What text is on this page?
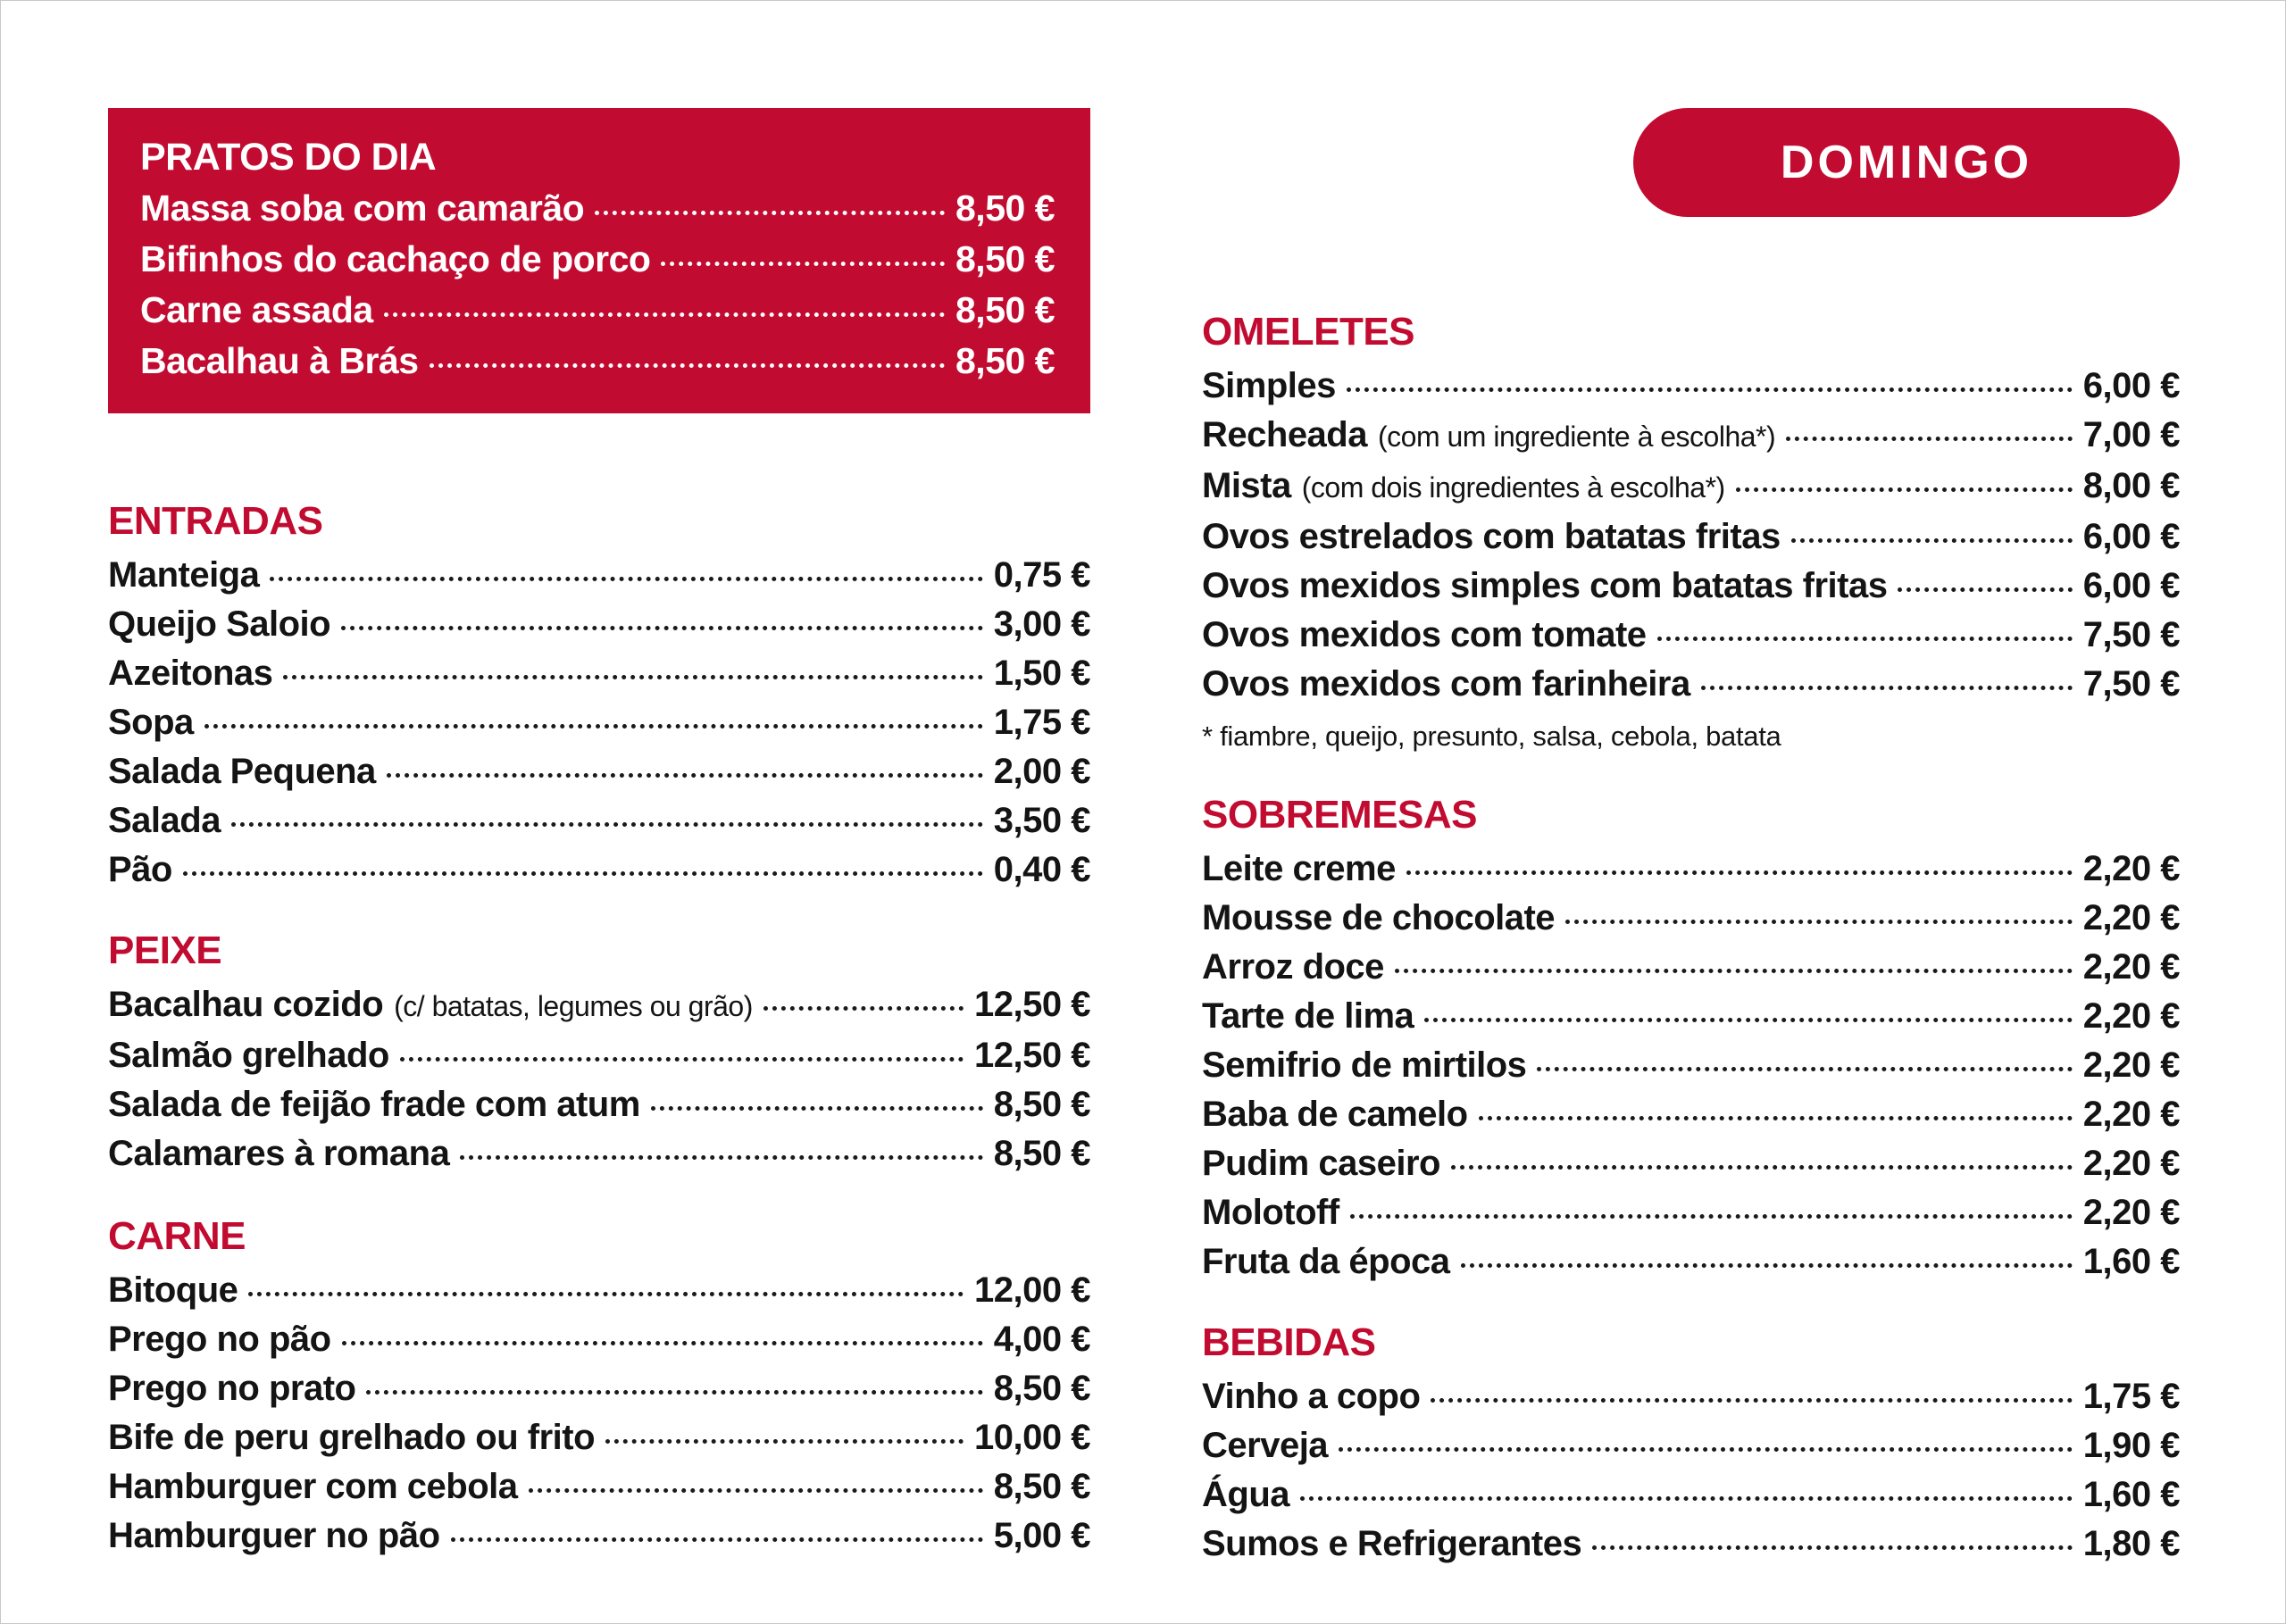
PRATOS DO DIA
Massa soba com camarão	8,50 €
Bifinhos do cachaço de porco	8,50 €
Carne assada	8,50 €
Bacalhau à Brás	8,50 €
ENTRADAS
Manteiga	0,75 €
Queijo Saloio	3,00 €
Azeitonas	1,50 €
Sopa	1,75 €
Salada Pequena	2,00 €
Salada	3,50 €
Pão	0,40 €
PEIXE
Bacalhau cozido (c/ batatas, legumes ou grão)	12,50 €
Salmão grelhado	12,50 €
Salada de feijão frade com atum	8,50 €
Calamares à romana	8,50 €
CARNE
Bitoque	12,00 €
Prego no pão	4,00 €
Prego no prato	8,50 €
Bife de peru grelhado ou frito	10,00 €
Hamburguer com cebola	8,50 €
Hamburguer no pão	5,00 €
DOMINGO
OMELETES
Simples	6,00 €
Recheada (com um ingrediente à escolha*)	7,00 €
Mista (com dois ingredientes à escolha*)	8,00 €
Ovos estrelados com batatas fritas	6,00 €
Ovos mexidos simples com batatas fritas	6,00 €
Ovos mexidos com tomate	7,50 €
Ovos mexidos com farinheira	7,50 €
* fiambre, queijo, presunto, salsa, cebola, batata
SOBREMESAS
Leite creme	2,20 €
Mousse de chocolate	2,20 €
Arroz doce	2,20 €
Tarte de lima	2,20 €
Semifrio de mirtilos	2,20 €
Baba de camelo	2,20 €
Pudim caseiro	2,20 €
Molotoff	2,20 €
Fruta da época	1,60 €
BEBIDAS
Vinho a copo	1,75 €
Cerveja	1,90 €
Água	1,60 €
Sumos e Refrigerantes	1,80 €
